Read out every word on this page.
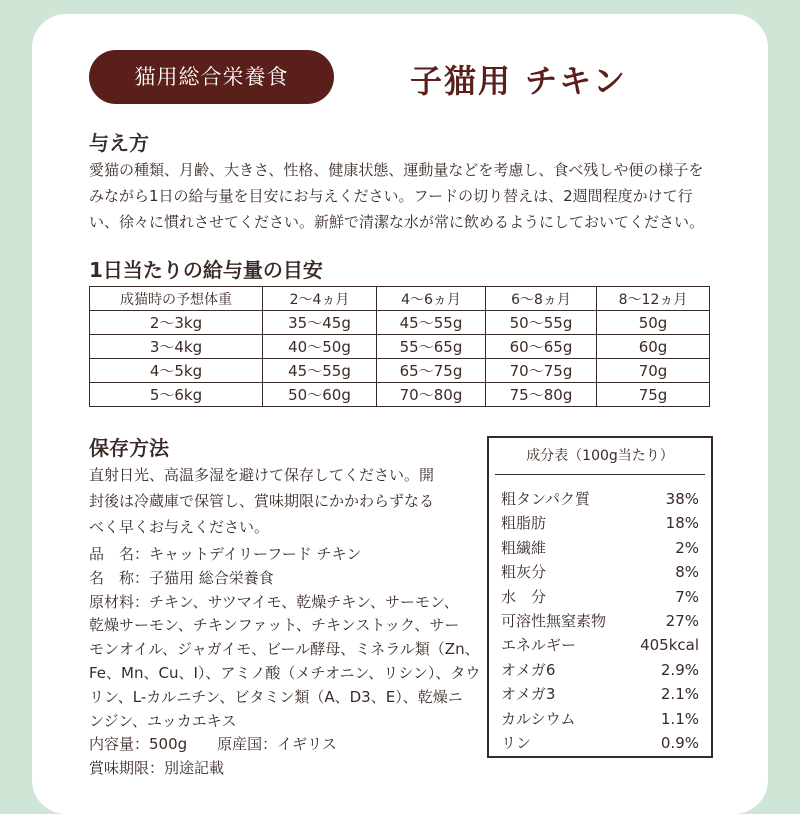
猫用総合栄養食	子猫用 チキン
与え方
愛猫の種類、月齢、大きさ、性格、健康状態、運動量などを考慮し、食べ残しや便の様子を
みながら1日の給与量を目安にお与えください。フードの切り替えは、2週間程度かけて行
い、徐々に慣れさせてください。新鮮で清潔な水が常に飲めるようにしておいてください。
1日当たりの給与量の目安
成猫時の予想体重	2〜4ヵ月	4〜6ヵ月	6〜8ヵ月	8〜12ヵ月
2〜3kg	35〜45g	45〜55g	50〜55g	50g
3〜4kg	40〜50g	55〜65g	60〜65g	60g
4〜5kg	45〜55g	65〜75g	70〜75g	70g
5〜6kg	50〜60g	70〜80g	75〜80g	75g
保存方法
直射日光、高温多湿を避けて保存してください。開
封後は冷蔵庫で保管し、賞味期限にかかわらずなる
べく早くお与えください。
品　名：キャットデイリーフード チキン
名　称：子猫用 総合栄養食
原材料：チキン、サツマイモ、乾燥チキン、サーモン、
乾燥サーモン、チキンファット、チキンストック、サー
モンオイル、ジャガイモ、ビール酵母、ミネラル類（Zn、
Fe、Mn、Cu、I）、アミノ酸（メチオニン、リシン）、タウ
リン、L-カルニチン、ビタミン類（A、D3、E）、乾燥ニ
ンジン、ユッカエキス
内容量：500g　　原産国：イギリス
賞味期限：別途記載
成分表（100g当たり）
粗タンパク質	38%
粗脂肪	18%
粗繊維	2%
粗灰分	8%
水　分	7%
可溶性無窒素物	27%
エネルギー	405kcal
オメガ6	2.9%
オメガ3	2.1%
カルシウム	1.1%
リン	0.9%
